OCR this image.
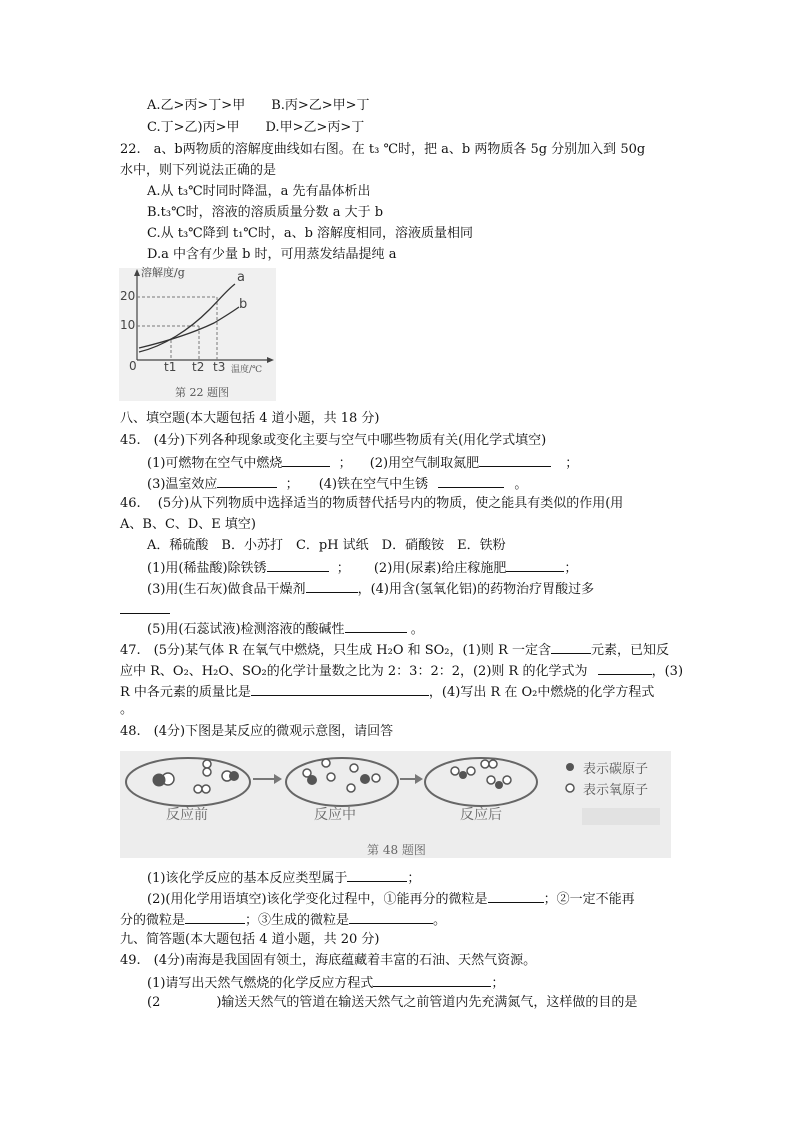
A.乙>丙>丁>甲　　B.丙>乙>甲>丁
C.丁>乙)丙>甲　　D.甲>乙>丙>丁
22.　a、b两物质的溶解度曲线如右图。在 t₃ ℃时，把 a、b 两物质各 5g 分别加入到 50g
水中，则下列说法正确的是
A.从 t₃℃时同时降温，a 先有晶体析出
B.t₃℃时，溶液的溶质质量分数 a 大于 b
C.从 t₃℃降到 t₁℃时，a、b 溶解度相同，溶液质量相同
D.a 中含有少量 b 时，可用蒸发结晶提纯 a
溶解度/g	a
b
20
10
0 t1 t2 t3 温度/℃
第 22 题图
八、填空题(本大题包括 4 道小题，共 18 分)
45.　(4分)下列各种现象或变化主要与空气中哪些物质有关(用化学式填空)
(1)可燃物在空气中燃烧	； (2)用空气制取氮肥	；
(3)温室效应	； (4)铁在空气中生锈	。
46.　 (5分)从下列物质中选择适当的物质替代括号内的物质，使之能具有类似的作用(用
A、B、C、D、E 填空)
A．稀硫酸　B．小苏打　C．pH 试纸　D．硝酸铵　E．铁粉
(1)用(稀盐酸)除铁锈	； (2)用(尿素)给庄稼施肥	；
(3)用(生石灰)做食品干燥剂	，(4)用含(氢氧化铝)的药物治疗胃酸过多
(5)用(石蕊试液)检测溶液的酸碱性	。
47.　(5分)某气体 R 在氧气中燃烧，只生成 H₂O 和 SO₂，(1)则 R 一定含	元素，已知反
应中 R、O₂、H₂O、SO₂的化学计量数之比为 2：3：2：2，(2)则 R 的化学式为	，(3)
R 中各元素的质量比是	，(4)写出 R 在 O₂中燃烧的化学方程式
。
48.　(4分)下图是某反应的微观示意图，请回答
表示碳原子
表示氧原子
反应前	反应中	反应后
第 48 题图
(1)该化学反应的基本反应类型属于	；
(2)(用化学用语填空)该化学变化过程中，①能再分的微粒是	；②一定不能再
分的微粒是	；③生成的微粒是	。
九、简答题(本大题包括 4 道小题，共 20 分)
49.　(4分)南海是我国固有领土，海底蕴藏着丰富的石油、天然气资源。
(1)请写出天然气燃烧的化学反应方程式	；
(2	)输送天然气的管道在输送天然气之前管道内先充满氮气，这样做的目的是
